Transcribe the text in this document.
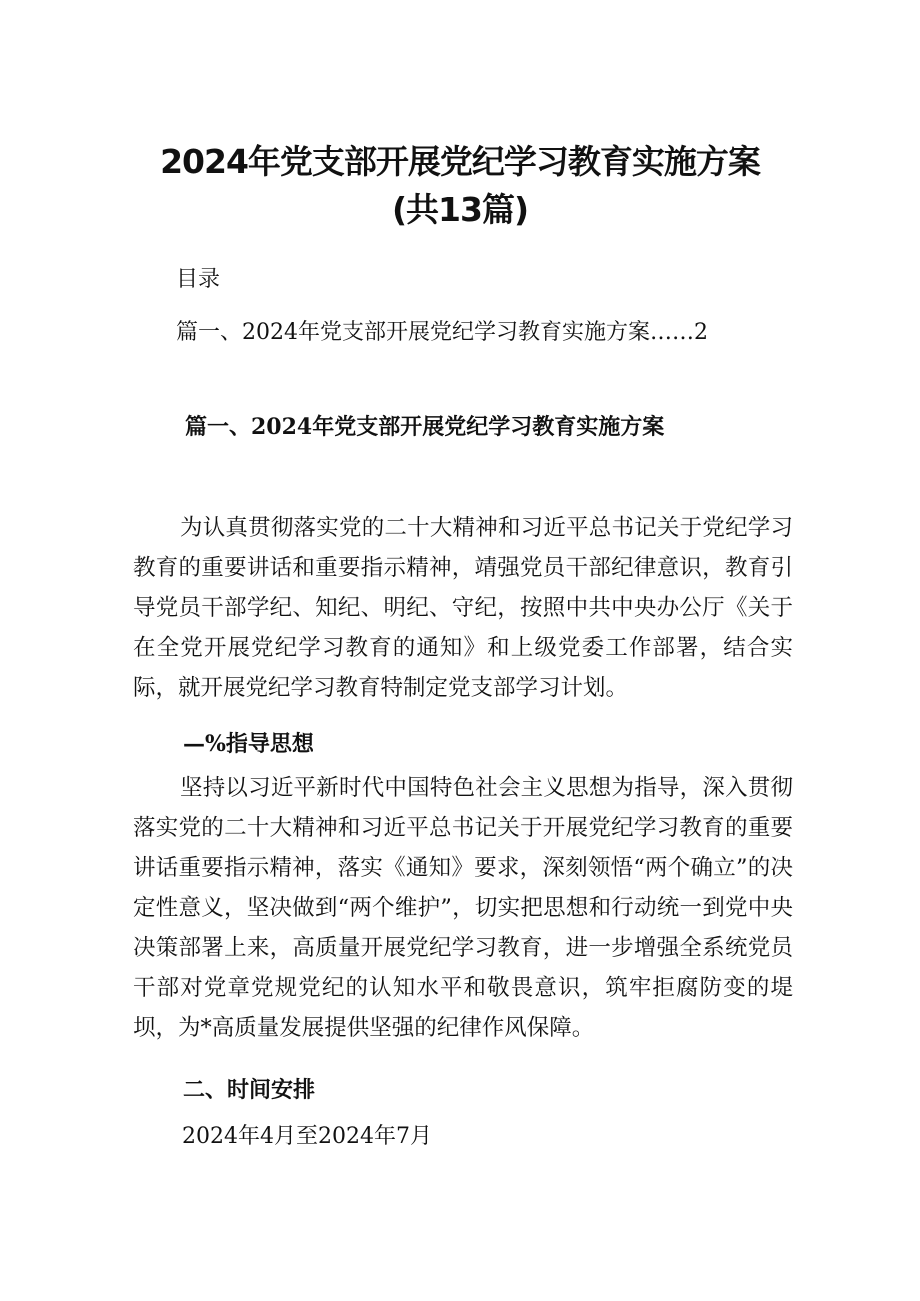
2024年党支部开展党纪学习教育实施方案
(共13篇)
目录
篇一、2024年党支部开展党纪学习教育实施方案……2
篇一、2024年党支部开展党纪学习教育实施方案
为认真贯彻落实党的二十大精神和习近平总书记关于党纪学习教育的重要讲话和重要指示精神，靖强党员干部纪律意识，教育引导党员干部学纪、知纪、明纪、守纪，按照中共中央办公厅《关于在全党开展党纪学习教育的通知》和上级党委工作部署，结合实际，就开展党纪学习教育特制定党支部学习计划。
—%指导思想
坚持以习近平新时代中国特色社会主义思想为指导，深入贯彻落实党的二十大精神和习近平总书记关于开展党纪学习教育的重要讲话重要指示精神，落实《通知》要求，深刻领悟“两个确立”的决定性意义，坚决做到“两个维护”，切实把思想和行动统一到党中央决策部署上来，高质量开展党纪学习教育，进一步增强全系统党员干部对党章党规党纪的认知水平和敬畏意识，筑牢拒腐防变的堤坝，为*高质量发展提供坚强的纪律作风保障。
二、时间安排
2024年4月至2024年7月
